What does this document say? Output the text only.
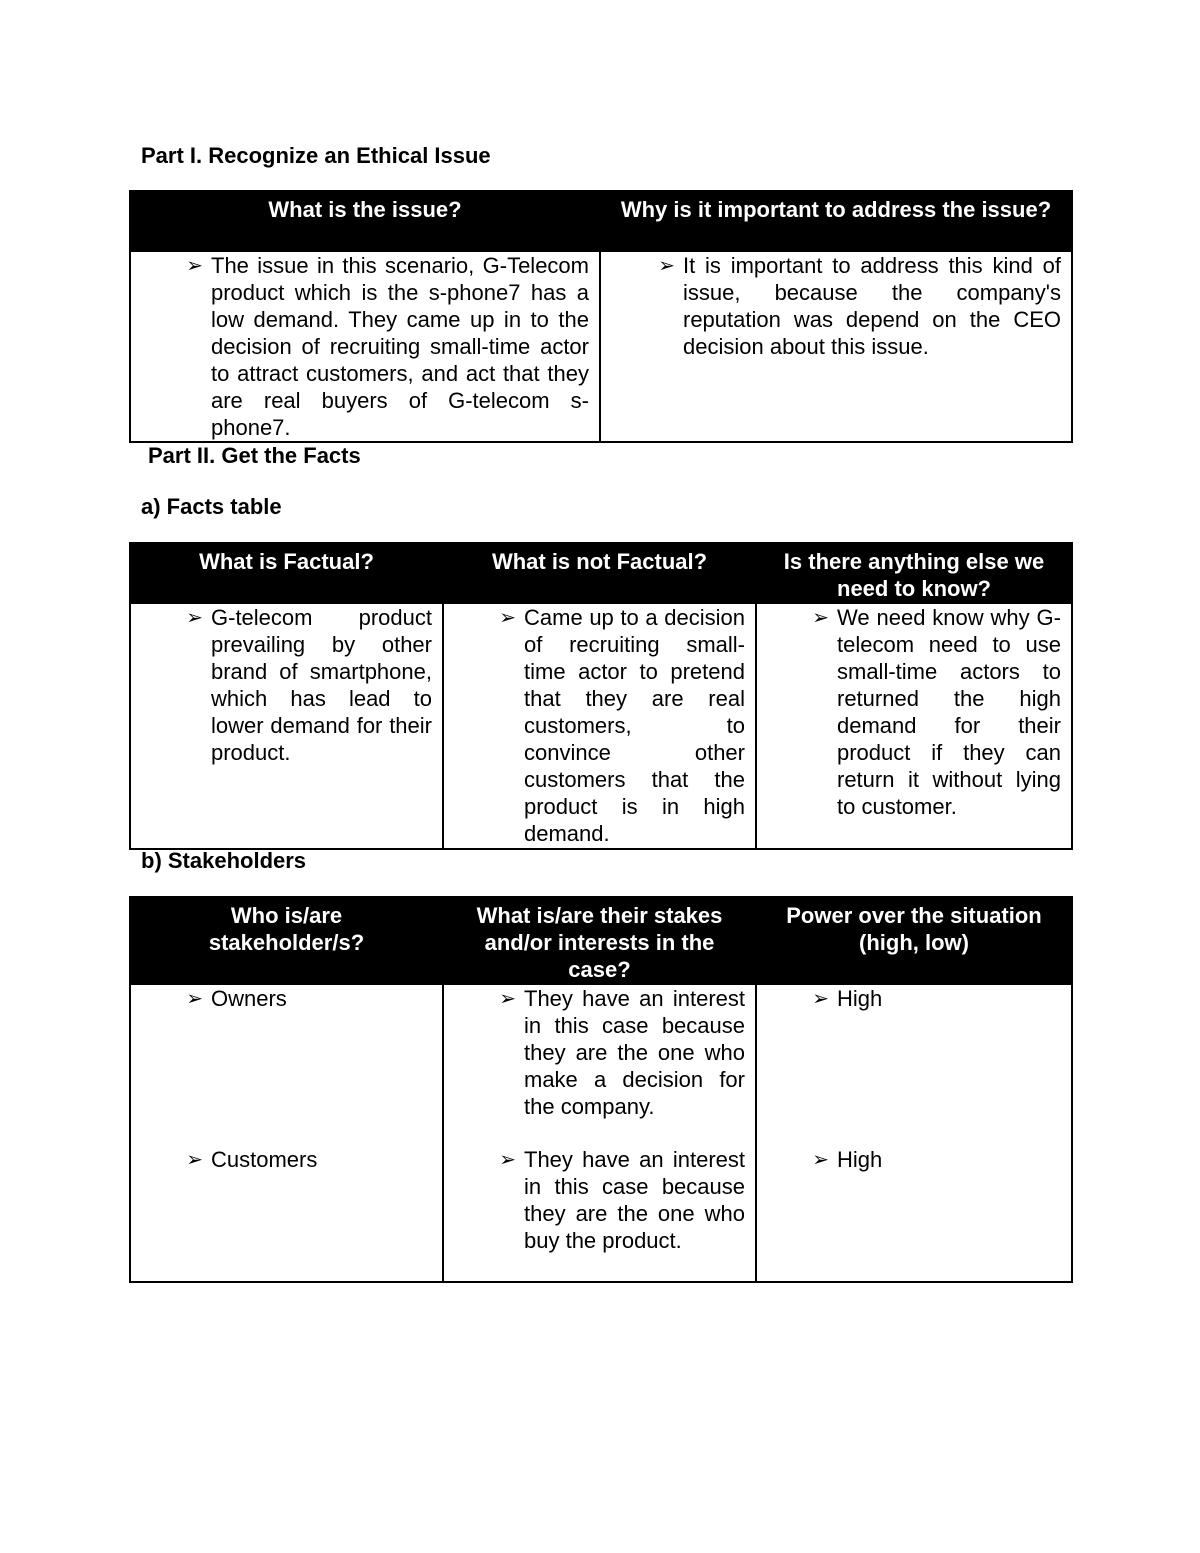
Part I. Recognize an Ethical Issue
What is the issue?	Why is it important to address the issue?

➢ The issue in this scenario, G-Telecom product which is the s-phone7 has a low demand. They came up in to the decision of recruiting small-time actor to attract customers, and act that they are real buyers of G-telecom s-phone7.	➢ It is important to address this kind of issue, because the company's reputation was depend on the CEO decision about this issue.
Part II. Get the Facts
a) Facts table
What is Factual?	What is not Factual?	Is there anything else we need to know?

➢ G-telecom product prevailing by other brand of smartphone, which has lead to lower demand for their product.	➢ Came up to a decision of recruiting small-time actor to pretend that they are real customers, to convince other customers that the product is in high demand.	➢ We need know why G-telecom need to use small-time actors to returned the high demand for their product if they can return it without lying to customer.
b) Stakeholders
Who is/are stakeholder/s?	What is/are their stakes and/or interests in the case?	Power over the situation (high, low)

➢ Owners	➢ They have an interest in this case because they are the one who make a decision for the company.	➢ High

➢ Customers	➢ They have an interest in this case because they are the one who buy the product.	➢ High
